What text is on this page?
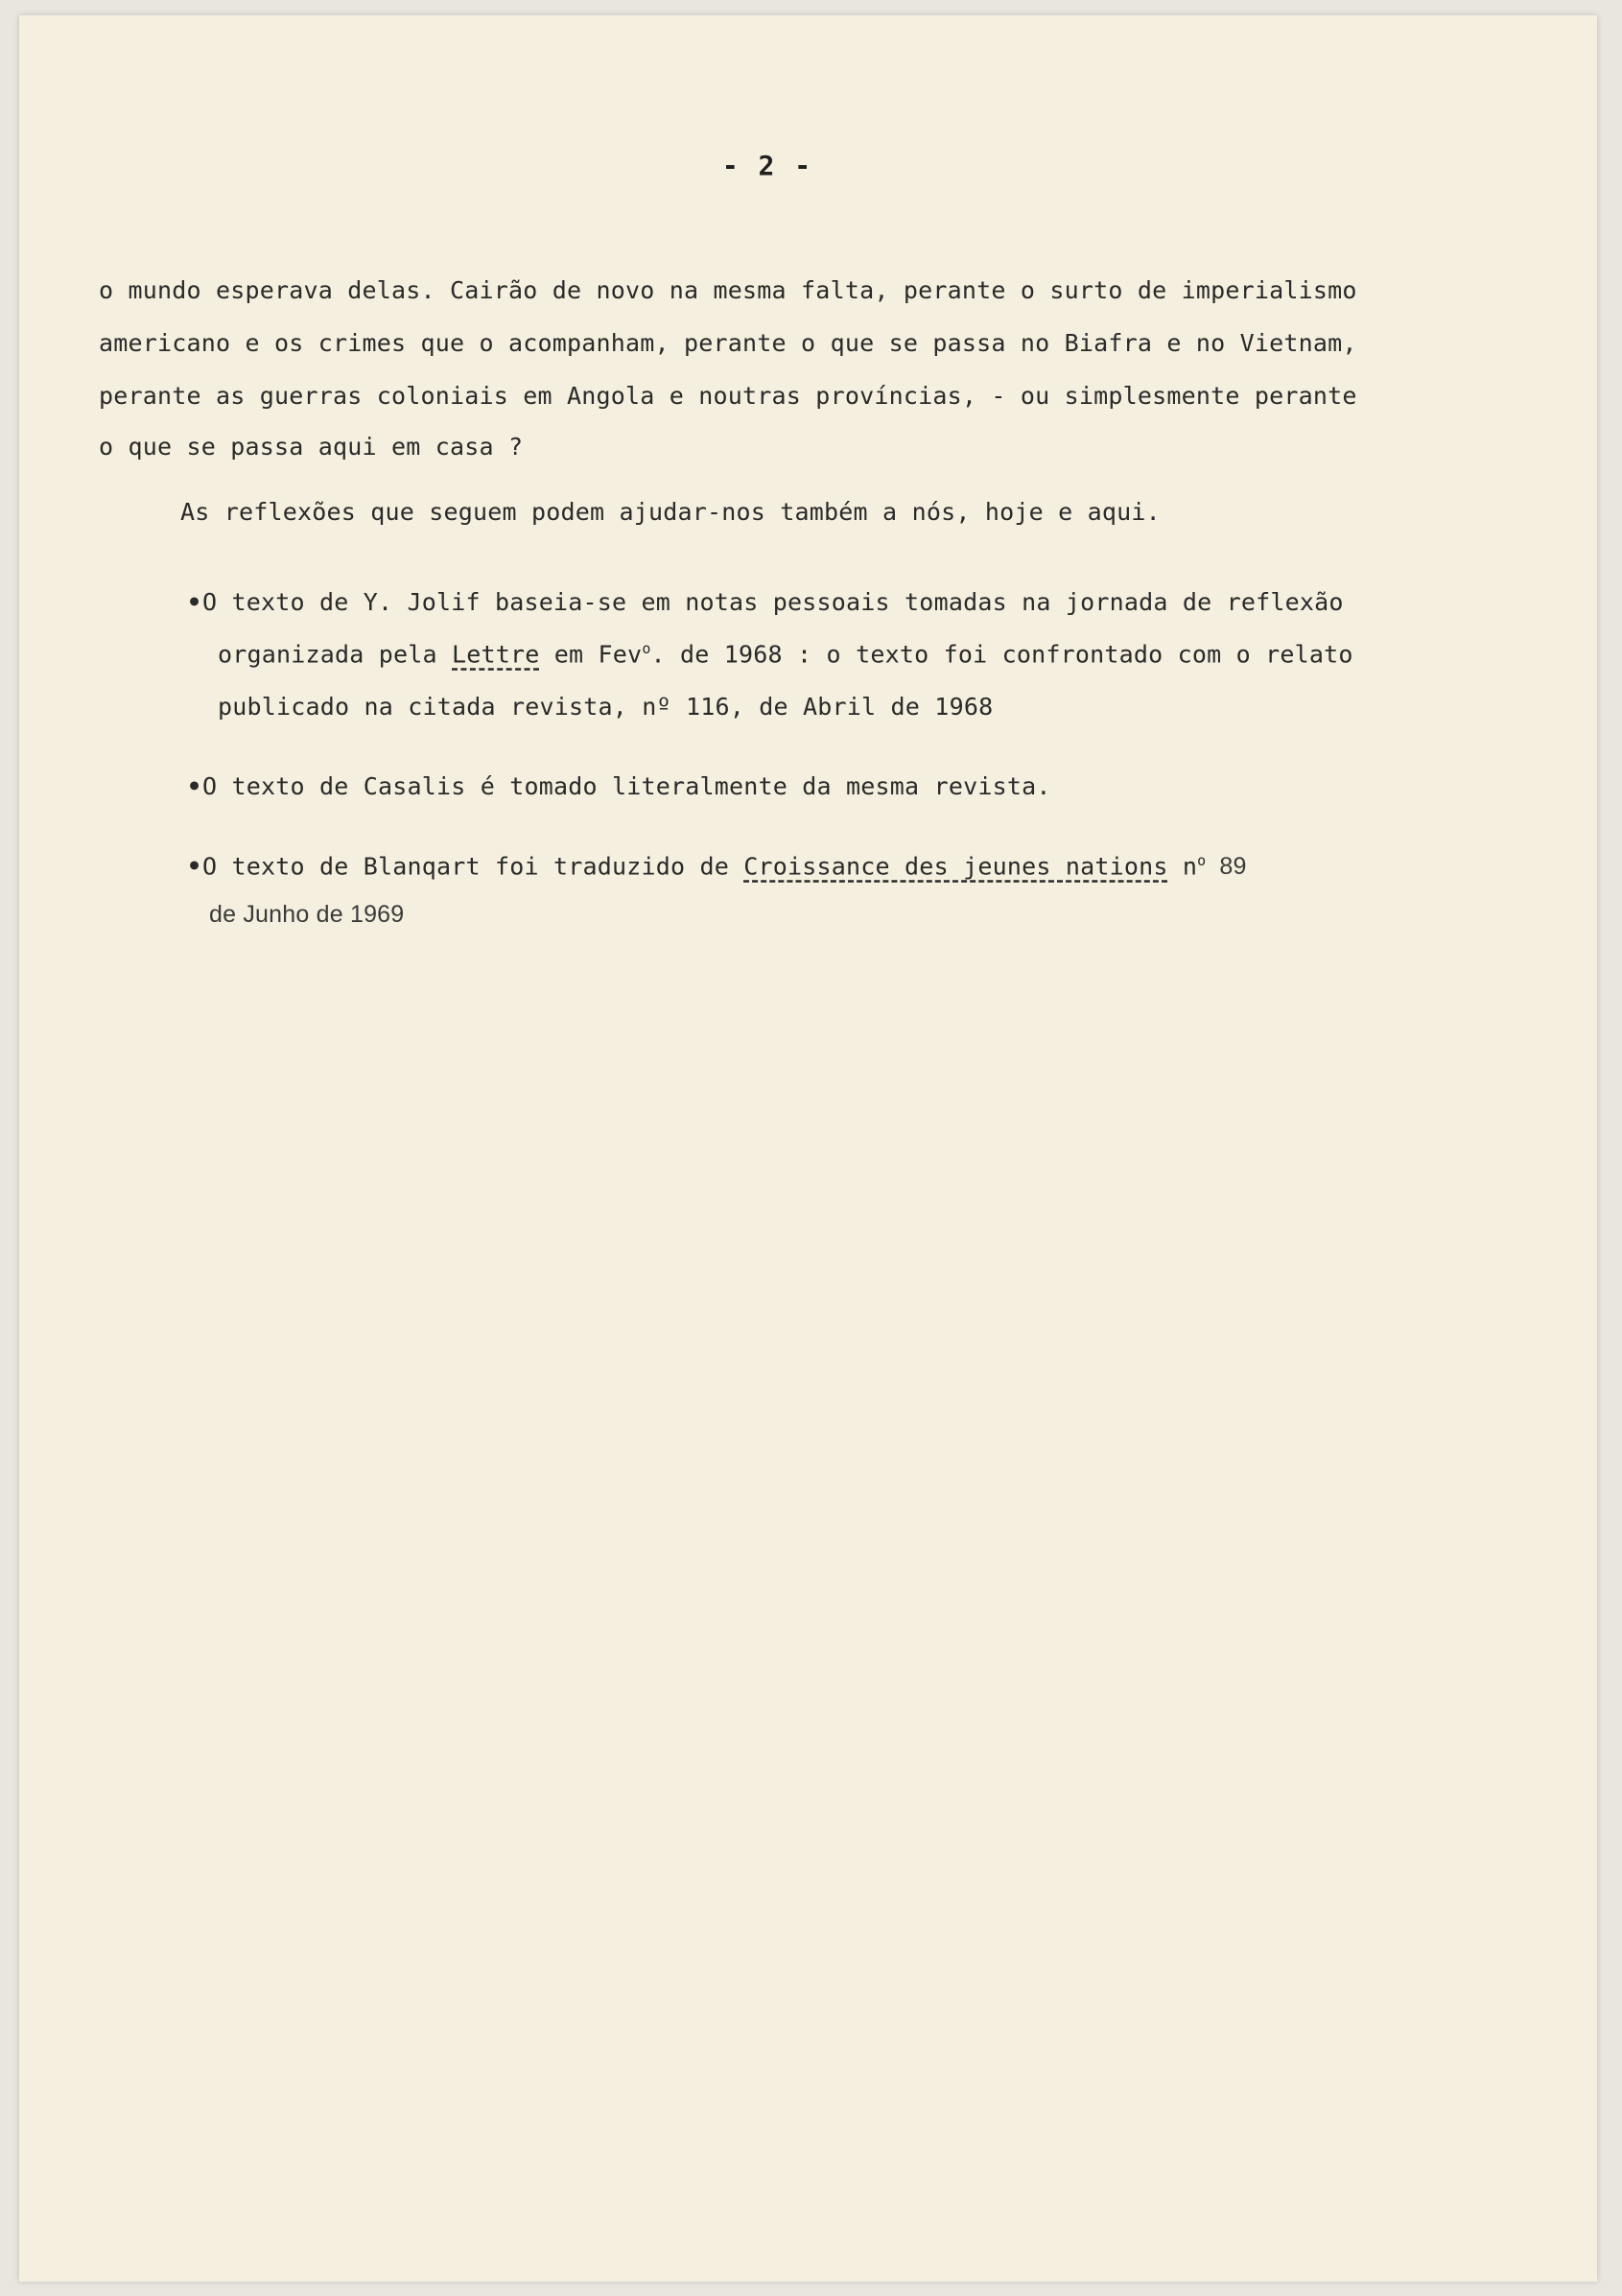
- 2 -
o mundo esperava delas. Cairão de novo na mesma falta, perante o surto de imperialismo
americano e os crimes que o acompanham, perante o que se passa no Biafra e no Vietnam,
perante as guerras coloniais em Angola e noutras províncias, - ou simplesmente perante
o que se passa aqui em casa ?
As reflexões que seguem podem ajudar-nos também a nós, hoje e aqui.
•O texto de Y. Jolif baseia-se em notas pessoais tomadas na jornada de reflexão
organizada pela Lettre em Fev$^o$. de 1968 : o texto foi confrontado com o relato
publicado na citada revista, nº 116, de Abril de 1968
•O texto de Casalis é tomado literalmente da mesma revista.
•O texto de Blanqart foi traduzido de Croissance des jeunes nations $n^o$ 89
de Junho de 1969
